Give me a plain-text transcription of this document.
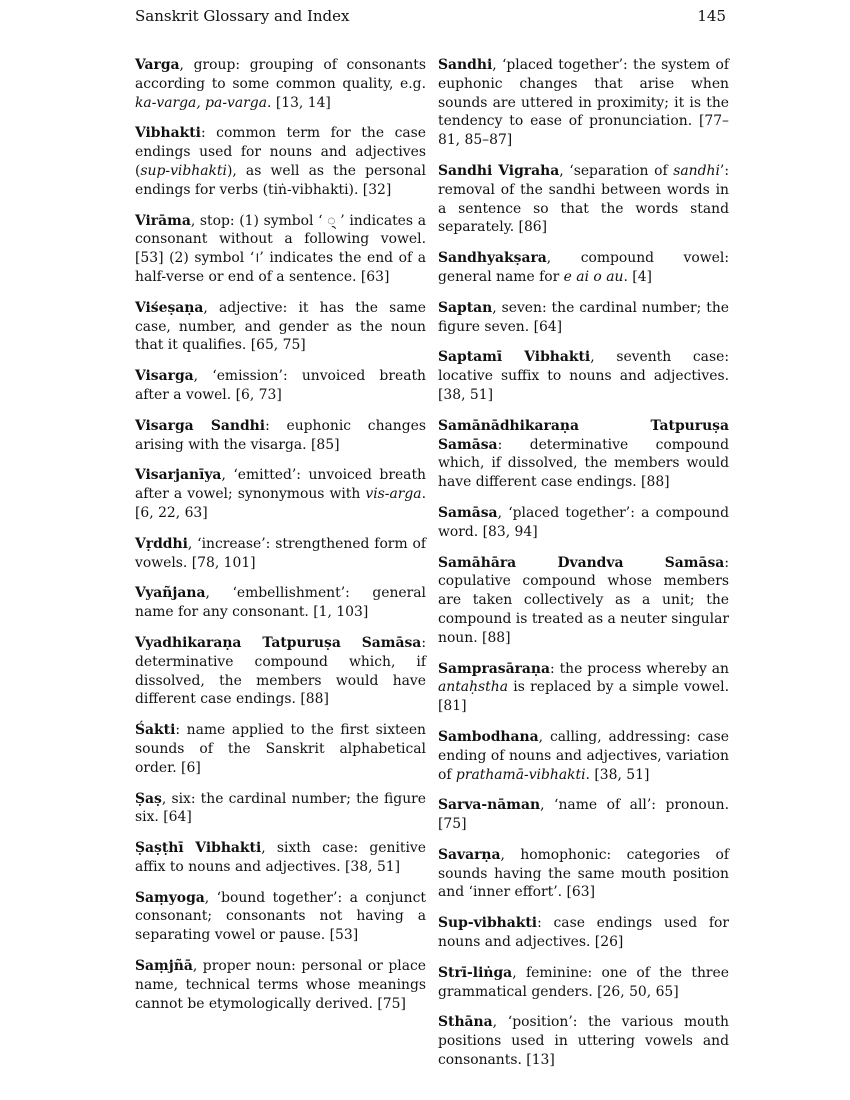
Sanskrit Glossary and Index	145

Varga, group: grouping of consonants according to some common quality, e.g. ka-varga, pa-varga. [13, 14]

Vibhakti: common term for the case endings used for nouns and adjectives (sup-vibhakti), as well as the personal endings for verbs (tiṅ-vibhakti). [32]

Virāma, stop: (1) symbol ‘ ् ’ indicates a consonant without a following vowel. [53] (2) symbol ‘।’ indicates the end of a half-verse or end of a sentence. [63]

Viśeṣaṇa, adjective: it has the same case, number, and gender as the noun that it qualifies. [65, 75]

Visarga, ‘emission’: unvoiced breath after a vowel. [6, 73]

Visarga Sandhi: euphonic changes arising with the visarga. [85]

Visarjanīya, ‘emitted’: unvoiced breath after a vowel; synonymous with vis-arga. [6, 22, 63]

Vṛddhi, ‘increase’: strengthened form of vowels. [78, 101]

Vyañjana, ‘embellishment’: general name for any consonant. [1, 103]

Vyadhikaraṇa Tatpuruṣa Samāsa: determinative compound which, if dissolved, the members would have different case endings. [88]

Śakti: name applied to the first sixteen sounds of the Sanskrit alphabetical order. [6]

Ṣaṣ, six: the cardinal number; the figure six. [64]

Ṣaṣṭhī Vibhakti, sixth case: genitive affix to nouns and adjectives. [38, 51]

Saṃyoga, ‘bound together’: a conjunct consonant; consonants not having a separating vowel or pause. [53]

Saṃjñā, proper noun: personal or place name, technical terms whose meanings cannot be etymologically derived. [75]

Sandhi, ‘placed together’: the system of euphonic changes that arise when sounds are uttered in proximity; it is the tendency to ease of pronunciation. [77–81, 85–87]

Sandhi Vigraha, ‘separation of sandhi’: removal of the sandhi between words in a sentence so that the words stand separately. [86]

Sandhyakṣara, compound vowel: general name for e ai o au. [4]

Saptan, seven: the cardinal number; the figure seven. [64]

Saptamī Vibhakti, seventh case: locative suffix to nouns and adjectives. [38, 51]

Samānādhikaraṇa Tatpuruṣa Samāsa: determinative compound which, if dissolved, the members would have different case endings. [88]

Samāsa, ‘placed together’: a compound word. [83, 94]

Samāhāra Dvandva Samāsa: copulative compound whose members are taken collectively as a unit; the compound is treated as a neuter singular noun. [88]

Samprasāraṇa: the process whereby an antaḥstha is replaced by a simple vowel. [81]

Sambodhana, calling, addressing: case ending of nouns and adjectives, variation of prathamā-vibhakti. [38, 51]

Sarva-nāman, ‘name of all’: pronoun. [75]

Savarṇa, homophonic: categories of sounds having the same mouth position and ‘inner effort’. [63]

Sup-vibhakti: case endings used for nouns and adjectives. [26]

Strī-liṅga, feminine: one of the three grammatical genders. [26, 50, 65]

Sthāna, ‘position’: the various mouth positions used in uttering vowels and consonants. [13]
